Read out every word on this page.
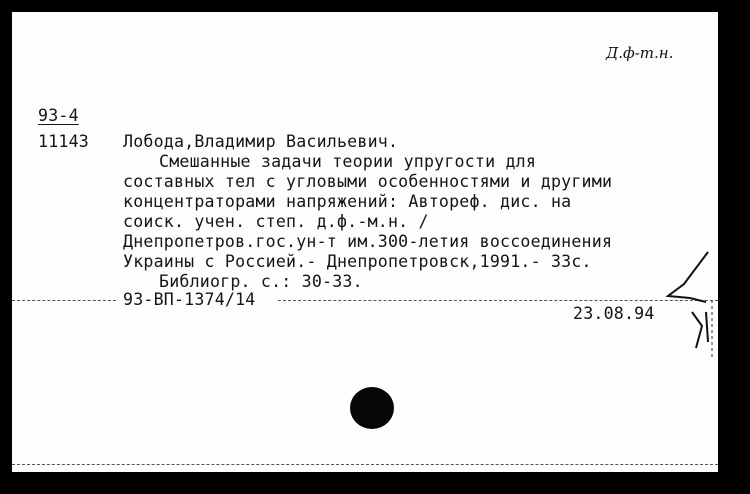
Д.ф-т.н.
93-4
11143 Лобода,Владимир Васильевич.
Смешанные задачи теории упругости для
составных тел с угловыми особенностями и другими
концентраторами напряжений: Автореф. дис. на
соиск. учен. степ. д.ф.-м.н. /
Днепропетров.гос.ун-т им.300-летия воссоединения
Украины с Россией.- Днепропетровск,1991.- 33с.
Библиогр. с.: 30-33.
93-ВП-1374/14
23.08.94
